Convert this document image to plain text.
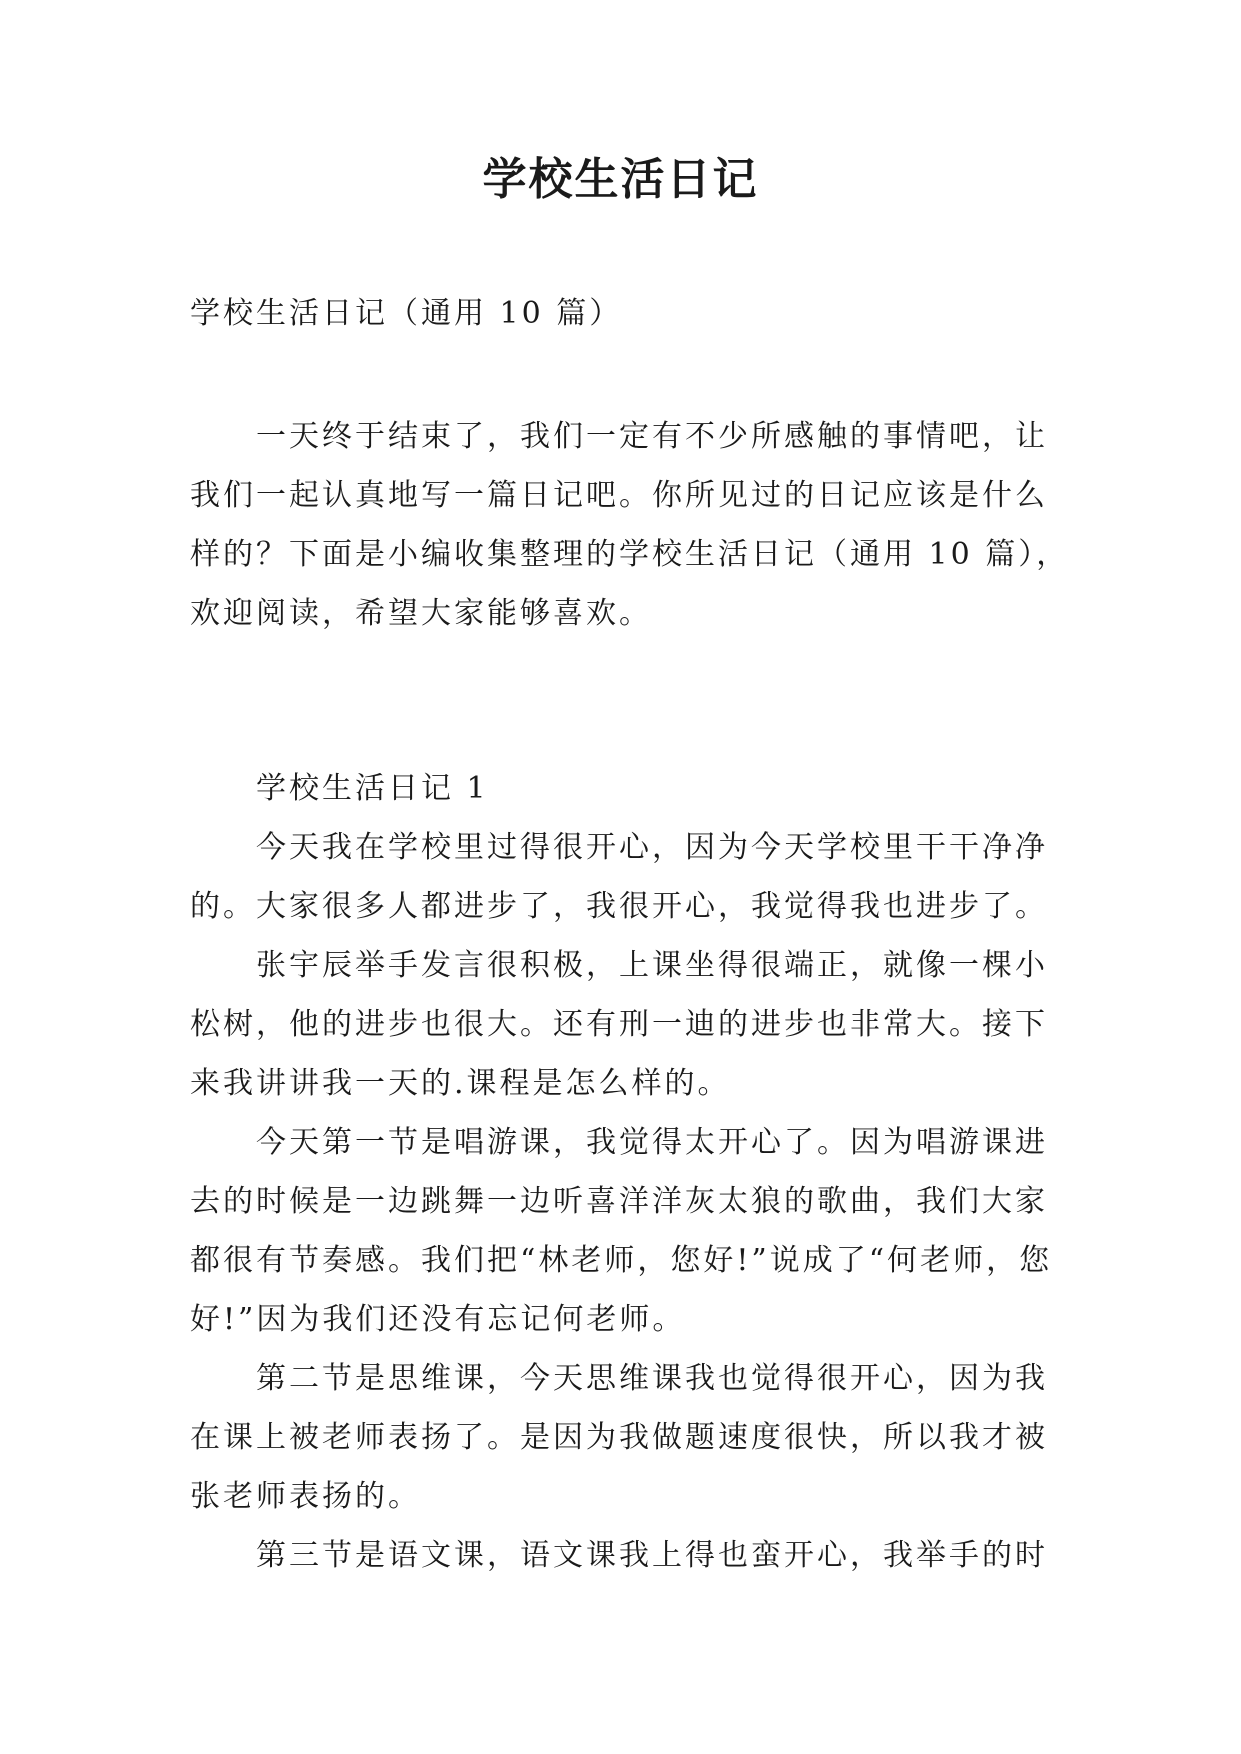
学校生活日记
学校生活日记（通用 10 篇）

一天终于结束了，我们一定有不少所感触的事情吧，让我们一起认真地写一篇日记吧。你所见过的日记应该是什么样的？下面是小编收集整理的学校生活日记（通用 10 篇），欢迎阅读，希望大家能够喜欢。

学校生活日记 1

今天我在学校里过得很开心，因为今天学校里干干净净的。大家很多人都进步了，我很开心，我觉得我也进步了。

张宇辰举手发言很积极，上课坐得很端正，就像一棵小松树，他的进步也很大。还有刑一迪的进步也非常大。接下来我讲讲我一天的.课程是怎么样的。

今天第一节是唱游课，我觉得太开心了。因为唱游课进去的时候是一边跳舞一边听喜洋洋灰太狼的歌曲，我们大家都很有节奏感。我们把“林老师，您好!”说成了“何老师，您好!”因为我们还没有忘记何老师。

第二节是思维课，今天思维课我也觉得很开心，因为我在课上被老师表扬了。是因为我做题速度很快，所以我才被张老师表扬的。

第三节是语文课，语文课我上得也蛮开心，我举手的时
